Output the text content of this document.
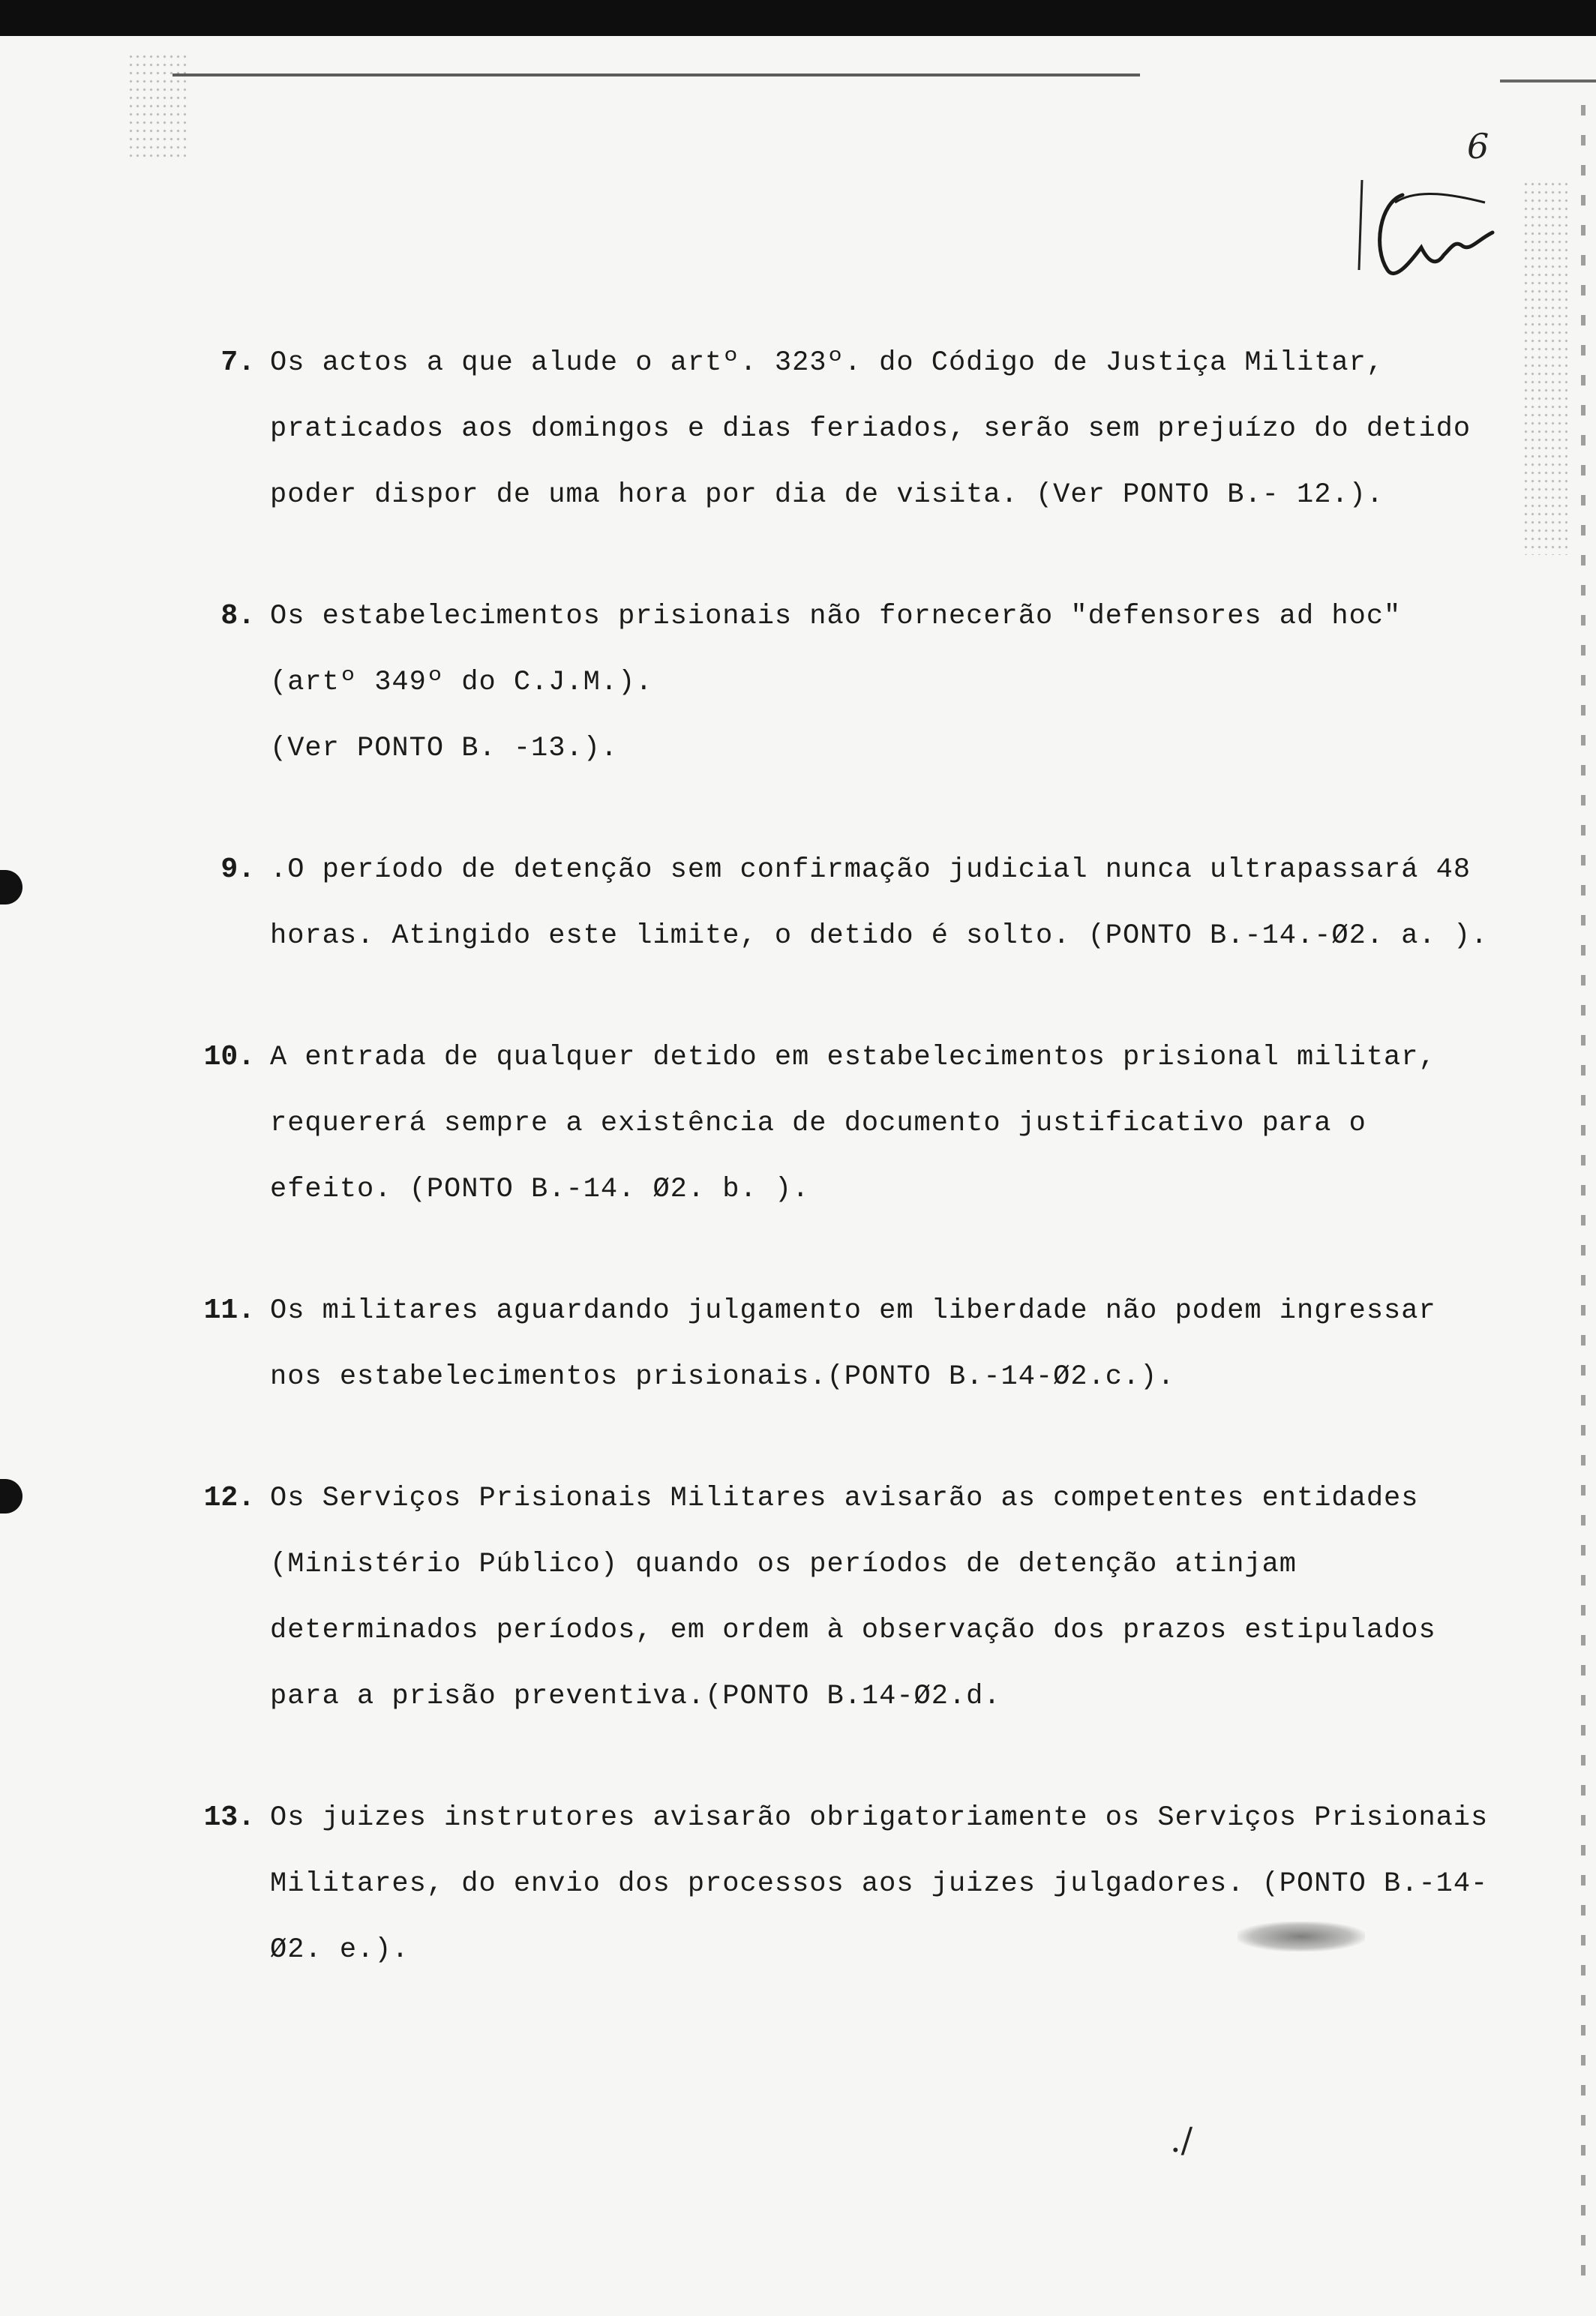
6
7. Os actos a que alude o artº. 323º. do Código de Justiça Militar, praticados aos domingos e dias feriados, serão sem prejuízo do detido poder dispor de uma hora por dia de visita. (Ver PONTO B.- 12.).
8. Os estabelecimentos prisionais não fornecerão "defensores ad hoc" (artº 349º do C.J.M.).
(Ver PONTO B. -13.).
9. .O período de detenção sem confirmação judicial nunca ultrapassará 48 horas. Atingido este limite, o detido é solto. (PONTO B.-14.-Ø2. a. ).
10. A entrada de qualquer detido em estabelecimentos prisional militar, requererá sempre a existência de documento justificativo para o efeito. (PONTO B.-14. Ø2. b. ).
11. Os militares aguardando julgamento em liberdade não podem ingressar nos estabelecimentos prisionais.(PONTO B.-14-Ø2.c.).
12. Os Serviços Prisionais Militares avisarão as competentes entidades (Ministério Público) quando os períodos de detenção atinjam determinados períodos, em ordem à observação dos prazos estipulados para a prisão preventiva.(PONTO B.14-Ø2.d.
13. Os juizes instrutores avisarão obrigatoriamente os Serviços Prisionais Militares, do envio dos processos aos juizes julgadores. (PONTO B.-14-Ø2. e.).
./
